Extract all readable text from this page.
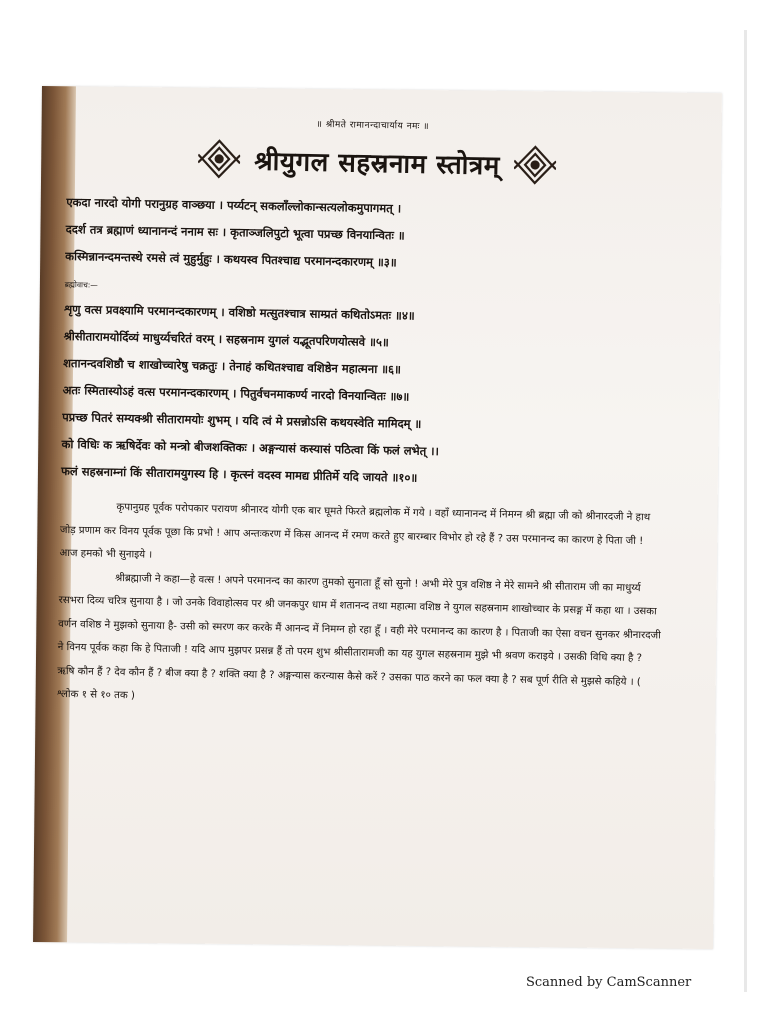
॥ श्रीमते रामानन्दाचार्याय नमः ॥
श्रीयुगल सहस्रनाम स्तोत्रम्
एकदा नारदो योगी परानुग्रह वाञ्छया । पर्य्यटन् सकलाँल्लोकान्सत्यलोकमुपागमत् ।
ददर्श तत्र ब्रह्माणं ध्यानानन्दं ननाम सः । कृताञ्जलिपुटो भूत्वा पप्रच्छ विनयान्वितः ॥
कस्मिन्नानन्दमन्तस्थे रमसे त्वं मुहुर्मुहुः । कथयस्व पितश्चाद्य परमानन्दकारणम् ॥३॥
ब्रह्मोवाच:—
शृणु वत्स प्रवक्ष्यामि परमानन्दकारणम् । वशिष्ठो मत्सुतश्चात्र साम्प्रतं कथितोऽमतः ॥४॥
श्रीसीतारामयोर्दिव्यं माधुर्य्यचरितं वरम् । सहस्रनाम युगलं यद्भूतपरिणयोत्सवे ॥५॥
शतानन्दवशिष्ठौ च शाखोच्चारेषु चक्रतुः । तेनाहं कथितश्चाद्य वशिष्ठेन महात्मना ॥६॥
अतः स्मितास्योऽहं वत्स परमानन्दकारणम् । पितुर्वचनमाकर्ण्य नारदो विनयान्वितः ॥७॥
पप्रच्छ पितरं सम्यक्श्री सीतारामयोः शुभम् । यदि त्वं मे प्रसन्नोऽसि कथयस्वेति मामिदम् ॥
को विधिः क ऋषिर्देवः को मन्त्रो बीजशक्तिकः । अङ्गन्यासं कस्यासं पठित्वा किं फलं लभेत् ।।
फलं सहस्रनाम्नां किं सीतारामयुगस्य हि । कृत्स्नं वदस्व मामद्य प्रीतिर्मे यदि जायते ॥१०॥

कृपानुग्रह पूर्वक परोपकार परायण श्रीनारद योगी एक बार घूमते फिरते ब्रह्मलोक में गये । वहाँ ध्यानानन्द में निमग्न श्री ब्रह्मा जी को श्रीनारदजी ने हाथ जोड़ प्रणाम कर विनय पूर्वक पूछा कि प्रभो ! आप अन्तःकरण में किस आनन्द में रमण करते हुए बारम्बार विभोर हो रहे हैं ? उस परमानन्द का कारण हे पिता जी ! आज हमको भी सुनाइये ।

श्रीब्रह्माजी ने कहा—हे वत्स ! अपने परमानन्द का कारण तुमको सुनाता हूँ सो सुनो ! अभी मेरे पुत्र वशिष्ठ ने मेरे सामने श्री सीताराम जी का माधुर्य्य रसभरा दिव्य चरित्र सुनाया है । जो उनके विवाहोत्सव पर श्री जनकपुर धाम में शतानन्द तथा महात्मा वशिष्ठ ने युगल सहस्रनाम शाखोच्चार के प्रसङ्ग में कहा था । उसका वर्णन वशिष्ठ ने मुझको सुनाया है- उसी को स्मरण कर करके मैं आनन्द में निमग्न हो रहा हूँ । वही मेरे परमानन्द का कारण है । पिताजी का ऐसा वचन सुनकर श्रीनारदजी ने विनय पूर्वक कहा कि हे पिताजी ! यदि आप मुझपर प्रसन्न हैं तो परम शुभ श्रीसीतारामजी का यह युगल सहस्रनाम मुझे भी श्रवण कराइये । उसकी विधि क्या है ? ऋषि कौन हैं ? देव कौन हैं ? बीज क्या है ? शक्ति क्या है ? अङ्गन्यास करन्यास कैसे करें ? उसका पाठ करने का फल क्या है ? सब पूर्ण रीति से मुझसे कहिये । ( श्लोक १ से १० तक )

Scanned by CamScanner
